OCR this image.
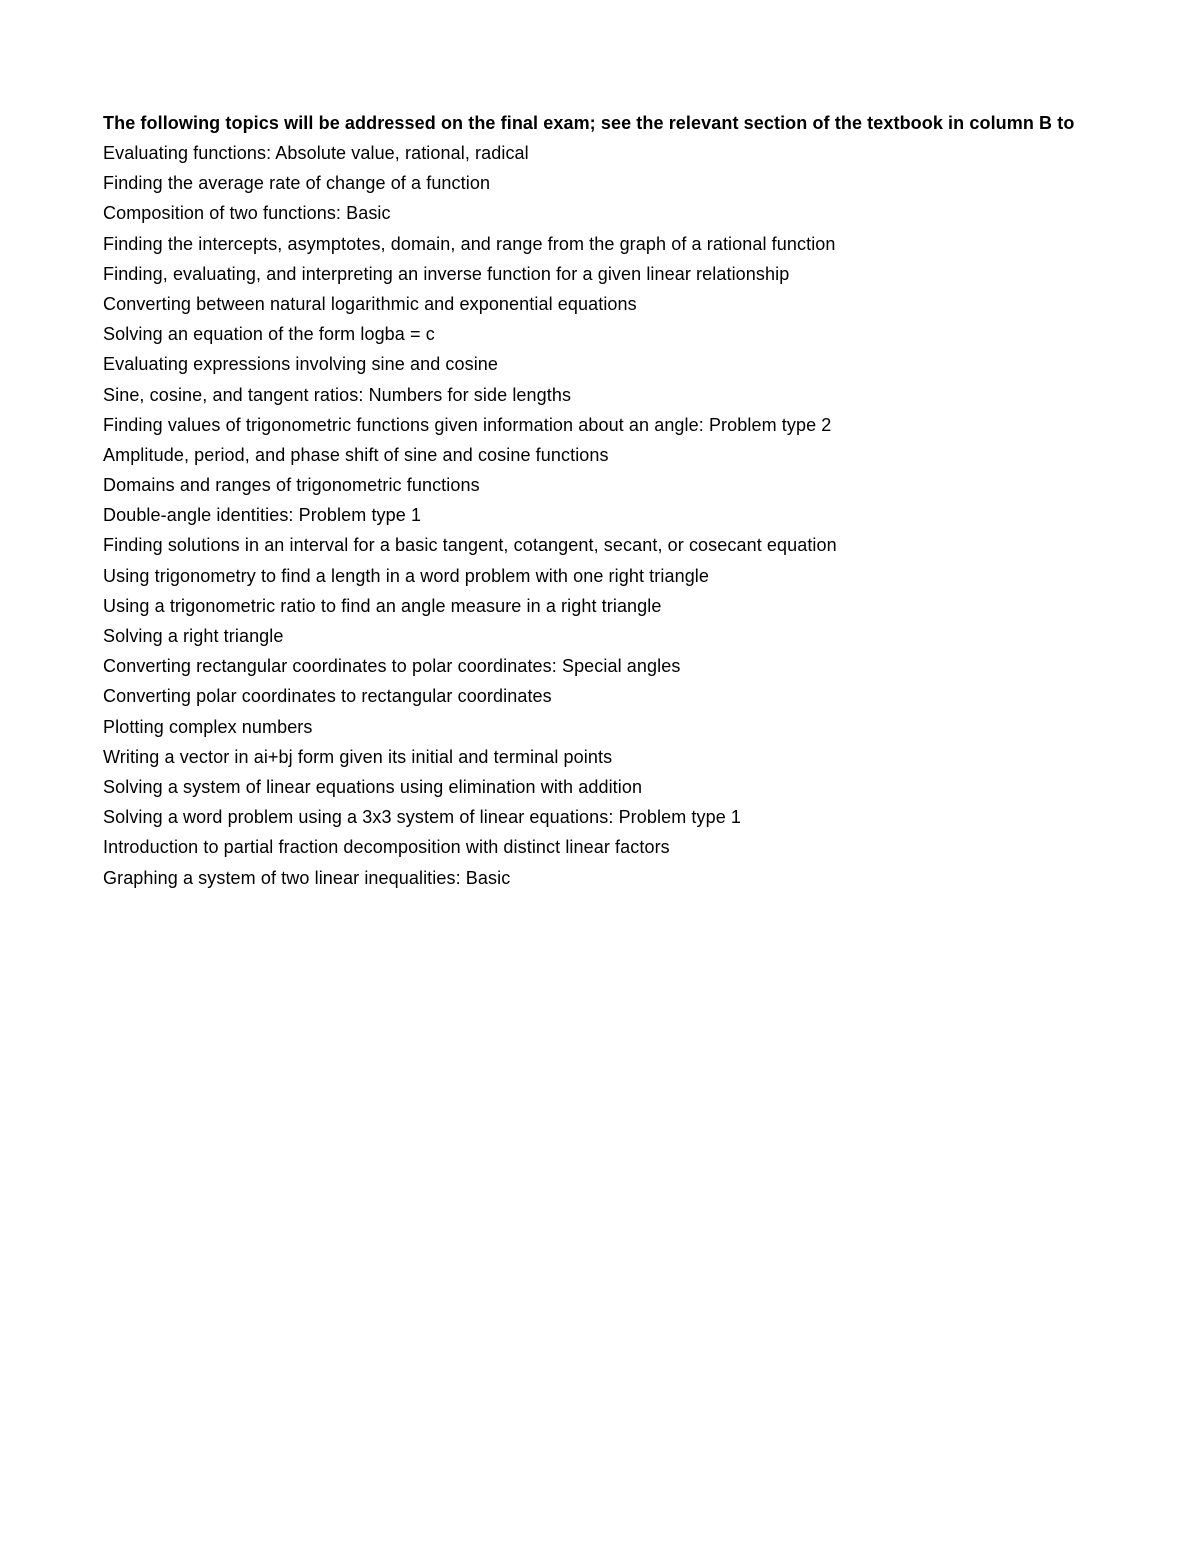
The following topics will be addressed on the final exam; see the relevant section of the textbook in column B to
Evaluating functions: Absolute value, rational, radical
Finding the average rate of change of a function
Composition of two functions: Basic
Finding the intercepts, asymptotes, domain, and range from the graph of a rational function
Finding, evaluating, and interpreting an inverse function for a given linear relationship
Converting between natural logarithmic and exponential equations
Solving an equation of the form logba = c
Evaluating expressions involving sine and cosine
Sine, cosine, and tangent ratios: Numbers for side lengths
Finding values of trigonometric functions given information about an angle: Problem type 2
Amplitude, period, and phase shift of sine and cosine functions
Domains and ranges of trigonometric functions
Double-angle identities: Problem type 1
Finding solutions in an interval for a basic tangent, cotangent, secant, or cosecant equation
Using trigonometry to find a length in a word problem with one right triangle
Using a trigonometric ratio to find an angle measure in a right triangle
Solving a right triangle
Converting rectangular coordinates to polar coordinates: Special angles
Converting polar coordinates to rectangular coordinates
Plotting complex numbers
Writing a vector in ai+bj form given its initial and terminal points
Solving a system of linear equations using elimination with addition
Solving a word problem using a 3x3 system of linear equations: Problem type 1
Introduction to partial fraction decomposition with distinct linear factors
Graphing a system of two linear inequalities: Basic
